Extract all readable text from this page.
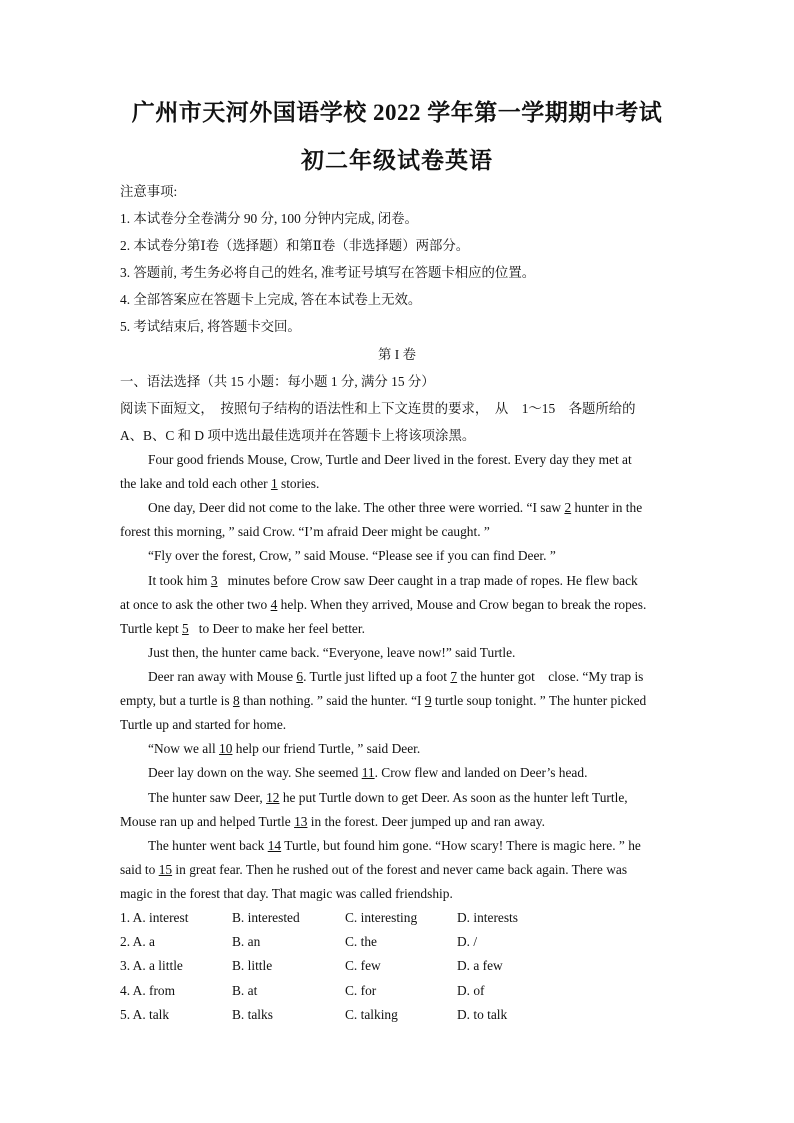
广州市天河外国语学校 2022 学年第一学期期中考试
初二年级试卷英语
注意事项:
1. 本试卷分全卷满分 90 分, 100 分钟内完成, 闭卷。
2. 本试卷分第Ⅰ卷（选择题）和第Ⅱ卷（非选择题）两部分。
3. 答题前, 考生务必将自己的姓名, 准考证号填写在答题卡相应的位置。
4. 全部答案应在答题卡上完成, 答在本试卷上无效。
5. 考试结束后, 将答题卡交回。
第 I 卷
一、语法选择（共 15 小题：每小题 1 分, 满分 15 分）
阅读下面短文，  按照句子结构的语法性和上下文连贯的要求，  从    1～15    各题所给的
A、B、C 和 D 项中选出最佳选项并在答题卡上将该项涂黑。
Four good friends Mouse, Crow, Turtle and Deer lived in the forest. Every day they met at
the lake and told each other 1 stories.
One day, Deer did not come to the lake. The other three were worried. “I saw 2 hunter in the
forest this morning, ” said Crow. “I’m afraid Deer might be caught. ”
“Fly over the forest, Crow, ” said Mouse. “Please see if you can find Deer. ”
It took him 3   minutes before Crow saw Deer caught in a trap made of ropes. He flew back
at once to ask the other two 4 help. When they arrived, Mouse and Crow began to break the ropes.
Turtle kept 5   to Deer to make her feel better.
Just then, the hunter came back. “Everyone, leave now!” said Turtle.
Deer ran away with Mouse 6. Turtle just lifted up a foot 7 the hunter got    close. “My trap is
empty, but a turtle is 8 than nothing. ” said the hunter. “I 9 turtle soup tonight. ” The hunter picked
Turtle up and started for home.
“Now we all 10 help our friend Turtle, ” said Deer.
Deer lay down on the way. She seemed 11. Crow flew and landed on Deer’s head.
The hunter saw Deer, 12 he put Turtle down to get Deer. As soon as the hunter left Turtle,
Mouse ran up and helped Turtle 13 in the forest. Deer jumped up and ran away.
The hunter went back 14 Turtle, but found him gone. “How scary! There is magic here. ” he
said to 15 in great fear. Then he rushed out of the forest and never came back again. There was
magic in the forest that day. That magic was called friendship.
1. A. interest	B. interested	C. interesting	D. interests
2. A. a	B. an	C. the	D. /
3. A. a little	B. little	C. few	D. a few
4. A. from	B. at	C. for	D. of
5. A. talk	B. talks	C. talking	D. to talk
